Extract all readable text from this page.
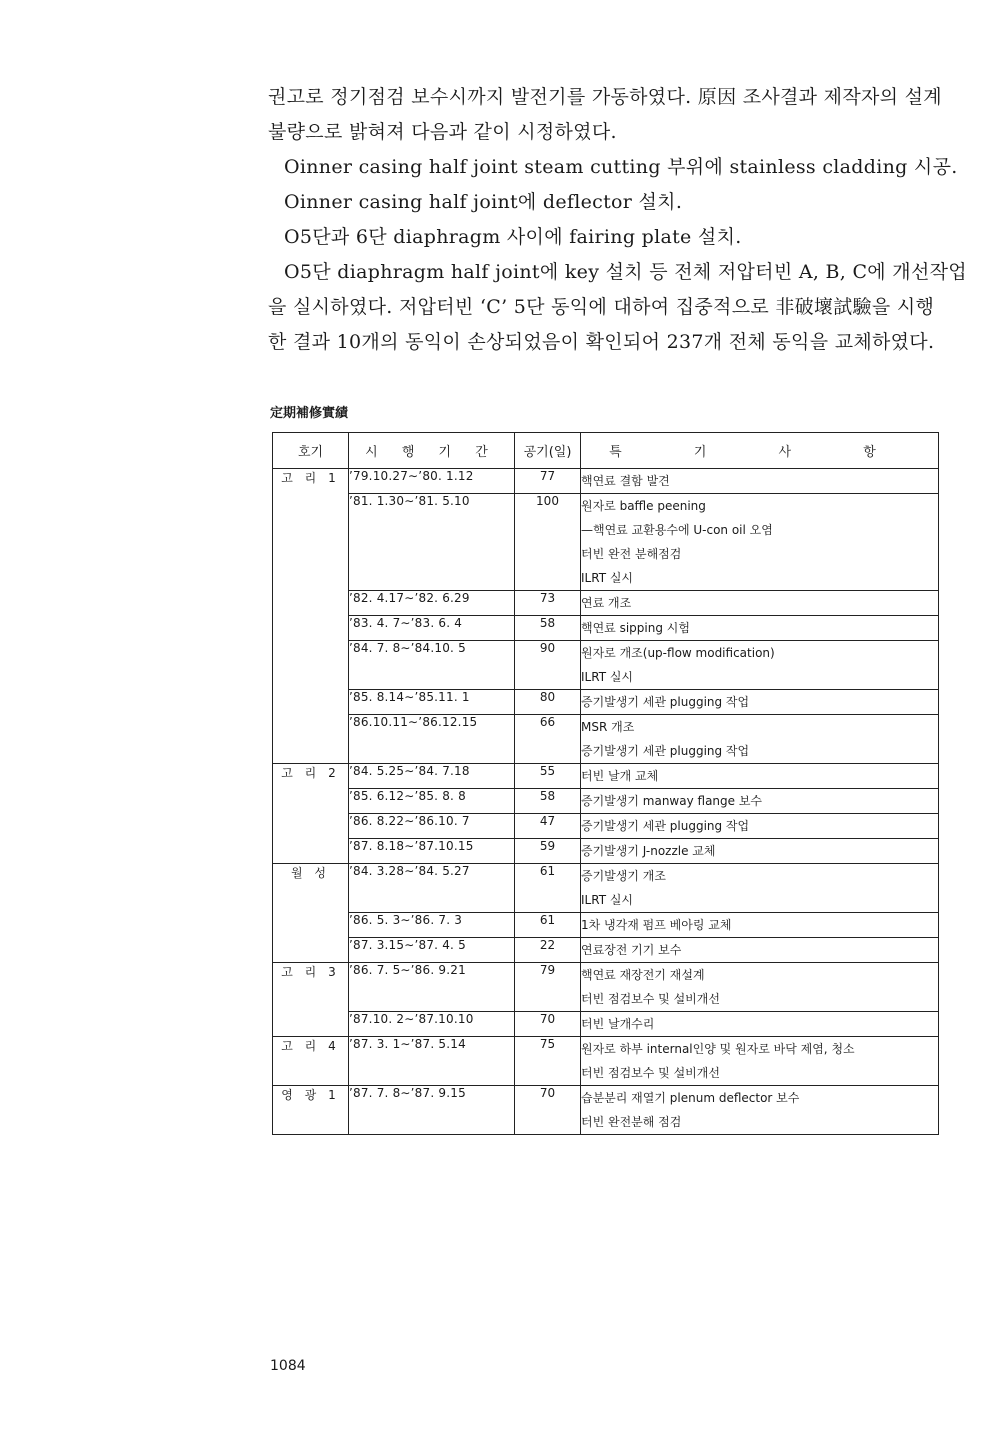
권고로 정기점검 보수시까지 발전기를 가동하였다. 原因 조사결과 제작자의 설계
불량으로 밝혀져 다음과 같이 시정하였다.
Oinner casing half joint steam cutting 부위에 stainless cladding 시공.
Oinner casing half joint에 deflector 설치.
O5단과 6단 diaphragm 사이에 fairing plate 설치.
O5단 diaphragm half joint에 key 설치 등 전체 저압터빈 A, B, C에 개선작업
을 실시하였다. 저압터빈 ‘C’ 5단 동익에 대하여 집중적으로 非破壞試驗을 시행
한 결과 10개의 동익이 손상되었음이 확인되어 237개 전체 동익을 교체하였다.
定期補修實績
호기	시 행 기 간	공기(일)	특 기 사 항
고 리 1	’79.10.27∼’80. 1.12	77	핵연료 결함 발견

	’81. 1.30∼’81. 5.10	100	원자로 baffle peening
—핵연료 교환용수에 U-con oil 오염
터빈 완전 분해점검
ILRT 실시

	’82. 4.17∼’82. 6.29	73	연료 개조

	’83. 4. 7∼’83. 6. 4	58	핵연료 sipping 시험

	’84. 7. 8∼’84.10. 5	90	원자로 개조(up-flow modification)
ILRT 실시

	’85. 8.14∼’85.11. 1	80	증기발생기 세관 plugging 작업

	’86.10.11∼’86.12.15	66	MSR 개조
증기발생기 세관 plugging 작업

고 리 2	’84. 5.25∼’84. 7.18	55	터빈 날개 교체

	’85. 6.12∼’85. 8. 8	58	증기발생기 manway flange 보수

	’86. 8.22∼’86.10. 7	47	증기발생기 세관 plugging 작업

	’87. 8.18∼’87.10.15	59	증기발생기 J-nozzle 교체

월 성	’84. 3.28∼’84. 5.27	61	증기발생기 개조
ILRT 실시

	’86. 5. 3∼’86. 7. 3	61	1차 냉각재 펌프 베아링 교체

	’87. 3.15∼’87. 4. 5	22	연료장전 기기 보수

고 리 3	’86. 7. 5∼’86. 9.21	79	핵연료 재장전기 재설계
터빈 점검보수 및 설비개선

	’87.10. 2∼’87.10.10	70	터빈 날개수리

고 리 4	’87. 3. 1∼’87. 5.14	75	원자로 하부 internal인양 및 원자로 바닥 제염, 청소
터빈 점검보수 및 설비개선

영 광 1	’87. 7. 8∼’87. 9.15	70	습분분리 재열기 plenum deflector 보수
터빈 완전분해 점검
1084
